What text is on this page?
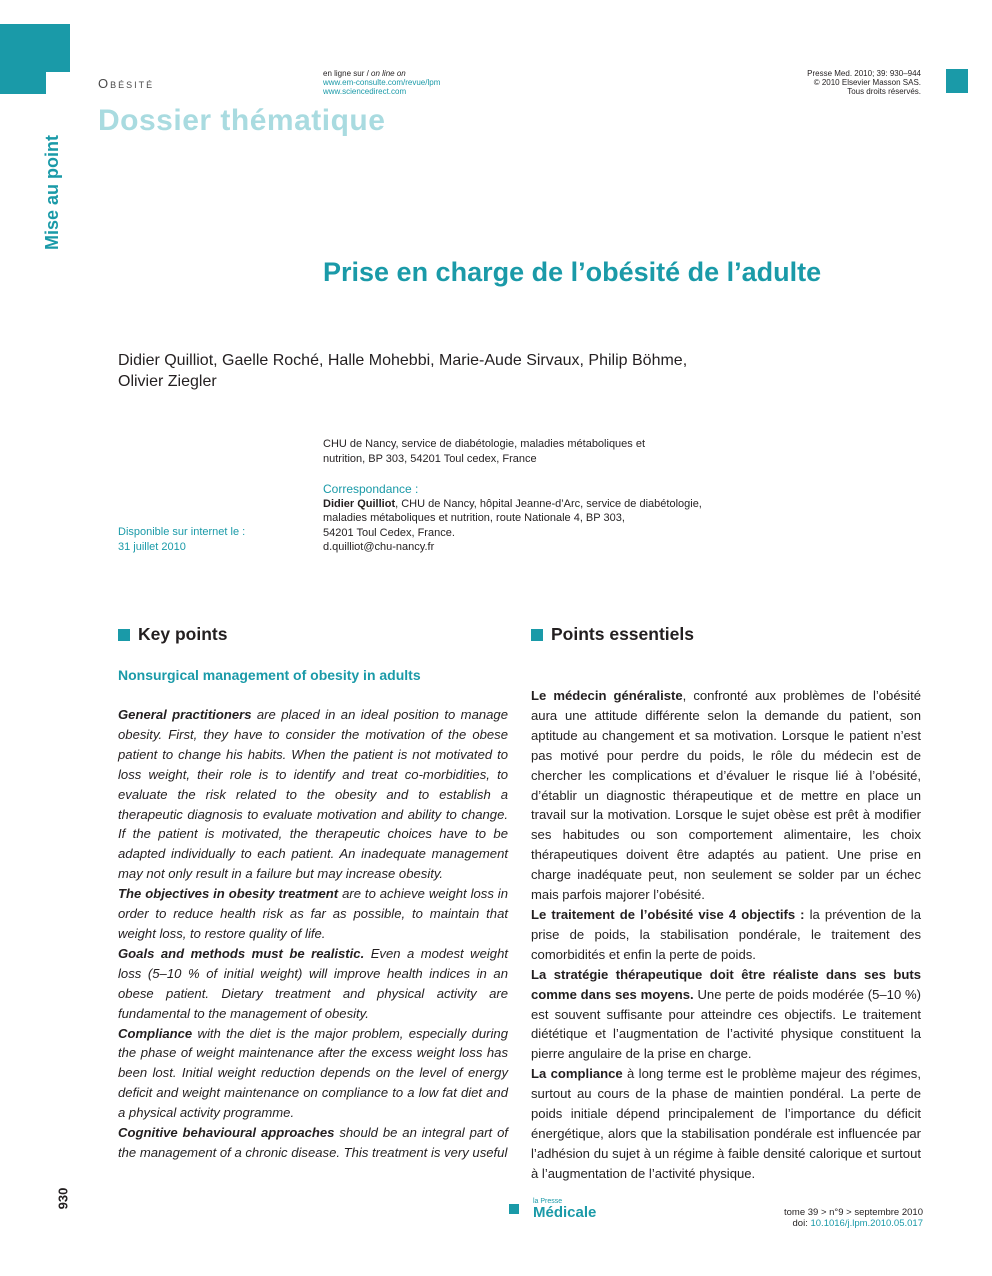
Obésité
Dossier thématique
Mise au point
en ligne sur / on line on
www.em-consulte.com/revue/lpm
www.sciencedirect.com
Presse Med. 2010; 39: 930–944
© 2010 Elsevier Masson SAS.
Tous droits réservés.
Prise en charge de l’obésité de l’adulte
Didier Quilliot, Gaelle Roché, Halle Mohebbi, Marie-Aude Sirvaux, Philip Böhme,
Olivier Ziegler
CHU de Nancy, service de diabétologie, maladies métaboliques et
nutrition, BP 303, 54201 Toul cedex, France
Correspondance :
Didier Quilliot, CHU de Nancy, hôpital Jeanne-d’Arc, service de diabétologie,
maladies métaboliques et nutrition, route Nationale 4, BP 303,
54201 Toul Cedex, France.
d.quilliot@chu-nancy.fr
Disponible sur internet le :
31 juillet 2010
Key points
Nonsurgical management of obesity in adults

General practitioners are placed in an ideal position to manage obesity. First, they have to consider the motivation of the obese patient to change his habits. When the patient is not motivated to loss weight, their role is to identify and treat co-morbidities, to evaluate the risk related to the obesity and to establish a therapeutic diagnosis to evaluate motivation and ability to change. If the patient is motivated, the therapeutic choices have to be adapted individually to each patient. An inadequate management may not only result in a failure but may increase obesity.

The objectives in obesity treatment are to achieve weight loss in order to reduce health risk as far as possible, to maintain that weight loss, to restore quality of life.

Goals and methods must be realistic. Even a modest weight loss (5–10 % of initial weight) will improve health indices in an obese patient. Dietary treatment and physical activity are fundamental to the management of obesity.

Compliance with the diet is the major problem, especially during the phase of weight maintenance after the excess weight loss has been lost. Initial weight reduction depends on the level of energy deficit and weight maintenance on compliance to a low fat diet and a physical activity programme.

Cognitive behavioural approaches should be an integral part of the management of a chronic disease. This treatment is very useful

Points essentiels

Le médecin généraliste, confronté aux problèmes de l’obésité aura une attitude différente selon la demande du patient, son aptitude au changement et sa motivation. Lorsque le patient n’est pas motivé pour perdre du poids, le rôle du médecin est de chercher les complications et d’évaluer le risque lié à l’obésité, d’établir un diagnostic thérapeutique et de mettre en place un travail sur la motivation. Lorsque le sujet obèse est prêt à modifier ses habitudes ou son comportement alimentaire, les choix thérapeutiques doivent être adaptés au patient. Une prise en charge inadéquate peut, non seulement se solder par un échec mais parfois majorer l’obésité.

Le traitement de l’obésité vise 4 objectifs : la prévention de la prise de poids, la stabilisation pondérale, le traitement des comorbidités et enfin la perte de poids.

La stratégie thérapeutique doit être réaliste dans ses buts comme dans ses moyens. Une perte de poids modérée (5–10 %) est souvent suffisante pour atteindre ces objectifs. Le traitement diététique et l’augmentation de l’activité physique constituent la pierre angulaire de la prise en charge.

La compliance à long terme est le problème majeur des régimes, surtout au cours de la phase de maintien pondéral. La perte de poids initiale dépend principalement de l’importance du déficit énergétique, alors que la stabilisation pondérale est influencée par l’adhésion du sujet à un régime à faible densité calorique et surtout à l’augmentation de l’activité physique.

930	la Presse
Médicale	tome 39 > n°9 > septembre 2010
doi: 10.1016/j.lpm.2010.05.017
